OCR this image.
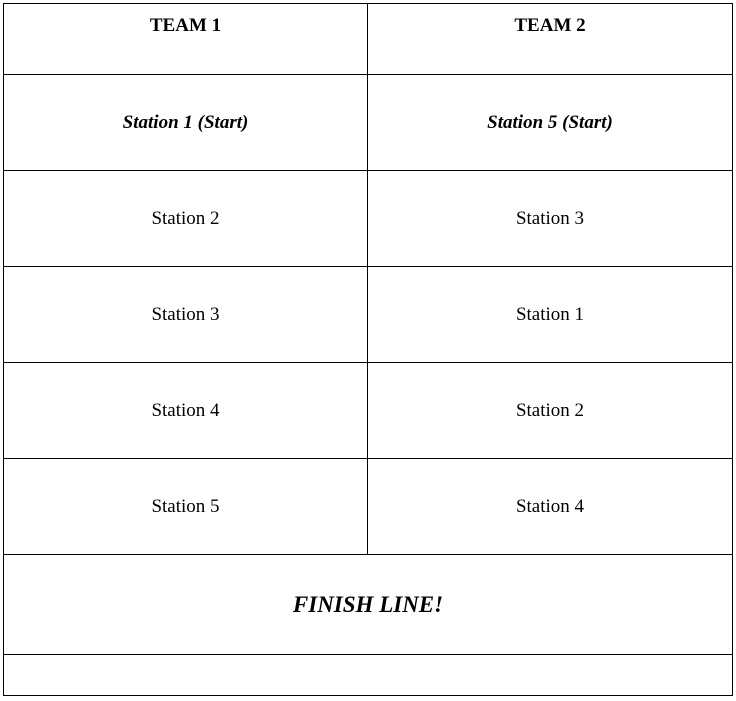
TEAM 1	TEAM 2

Station 1 (Start)	Station 5 (Start)
Station 2	Station 3
Station 3	Station 1
Station 4	Station 2
Station 5	Station 4
FINISH LINE!	
